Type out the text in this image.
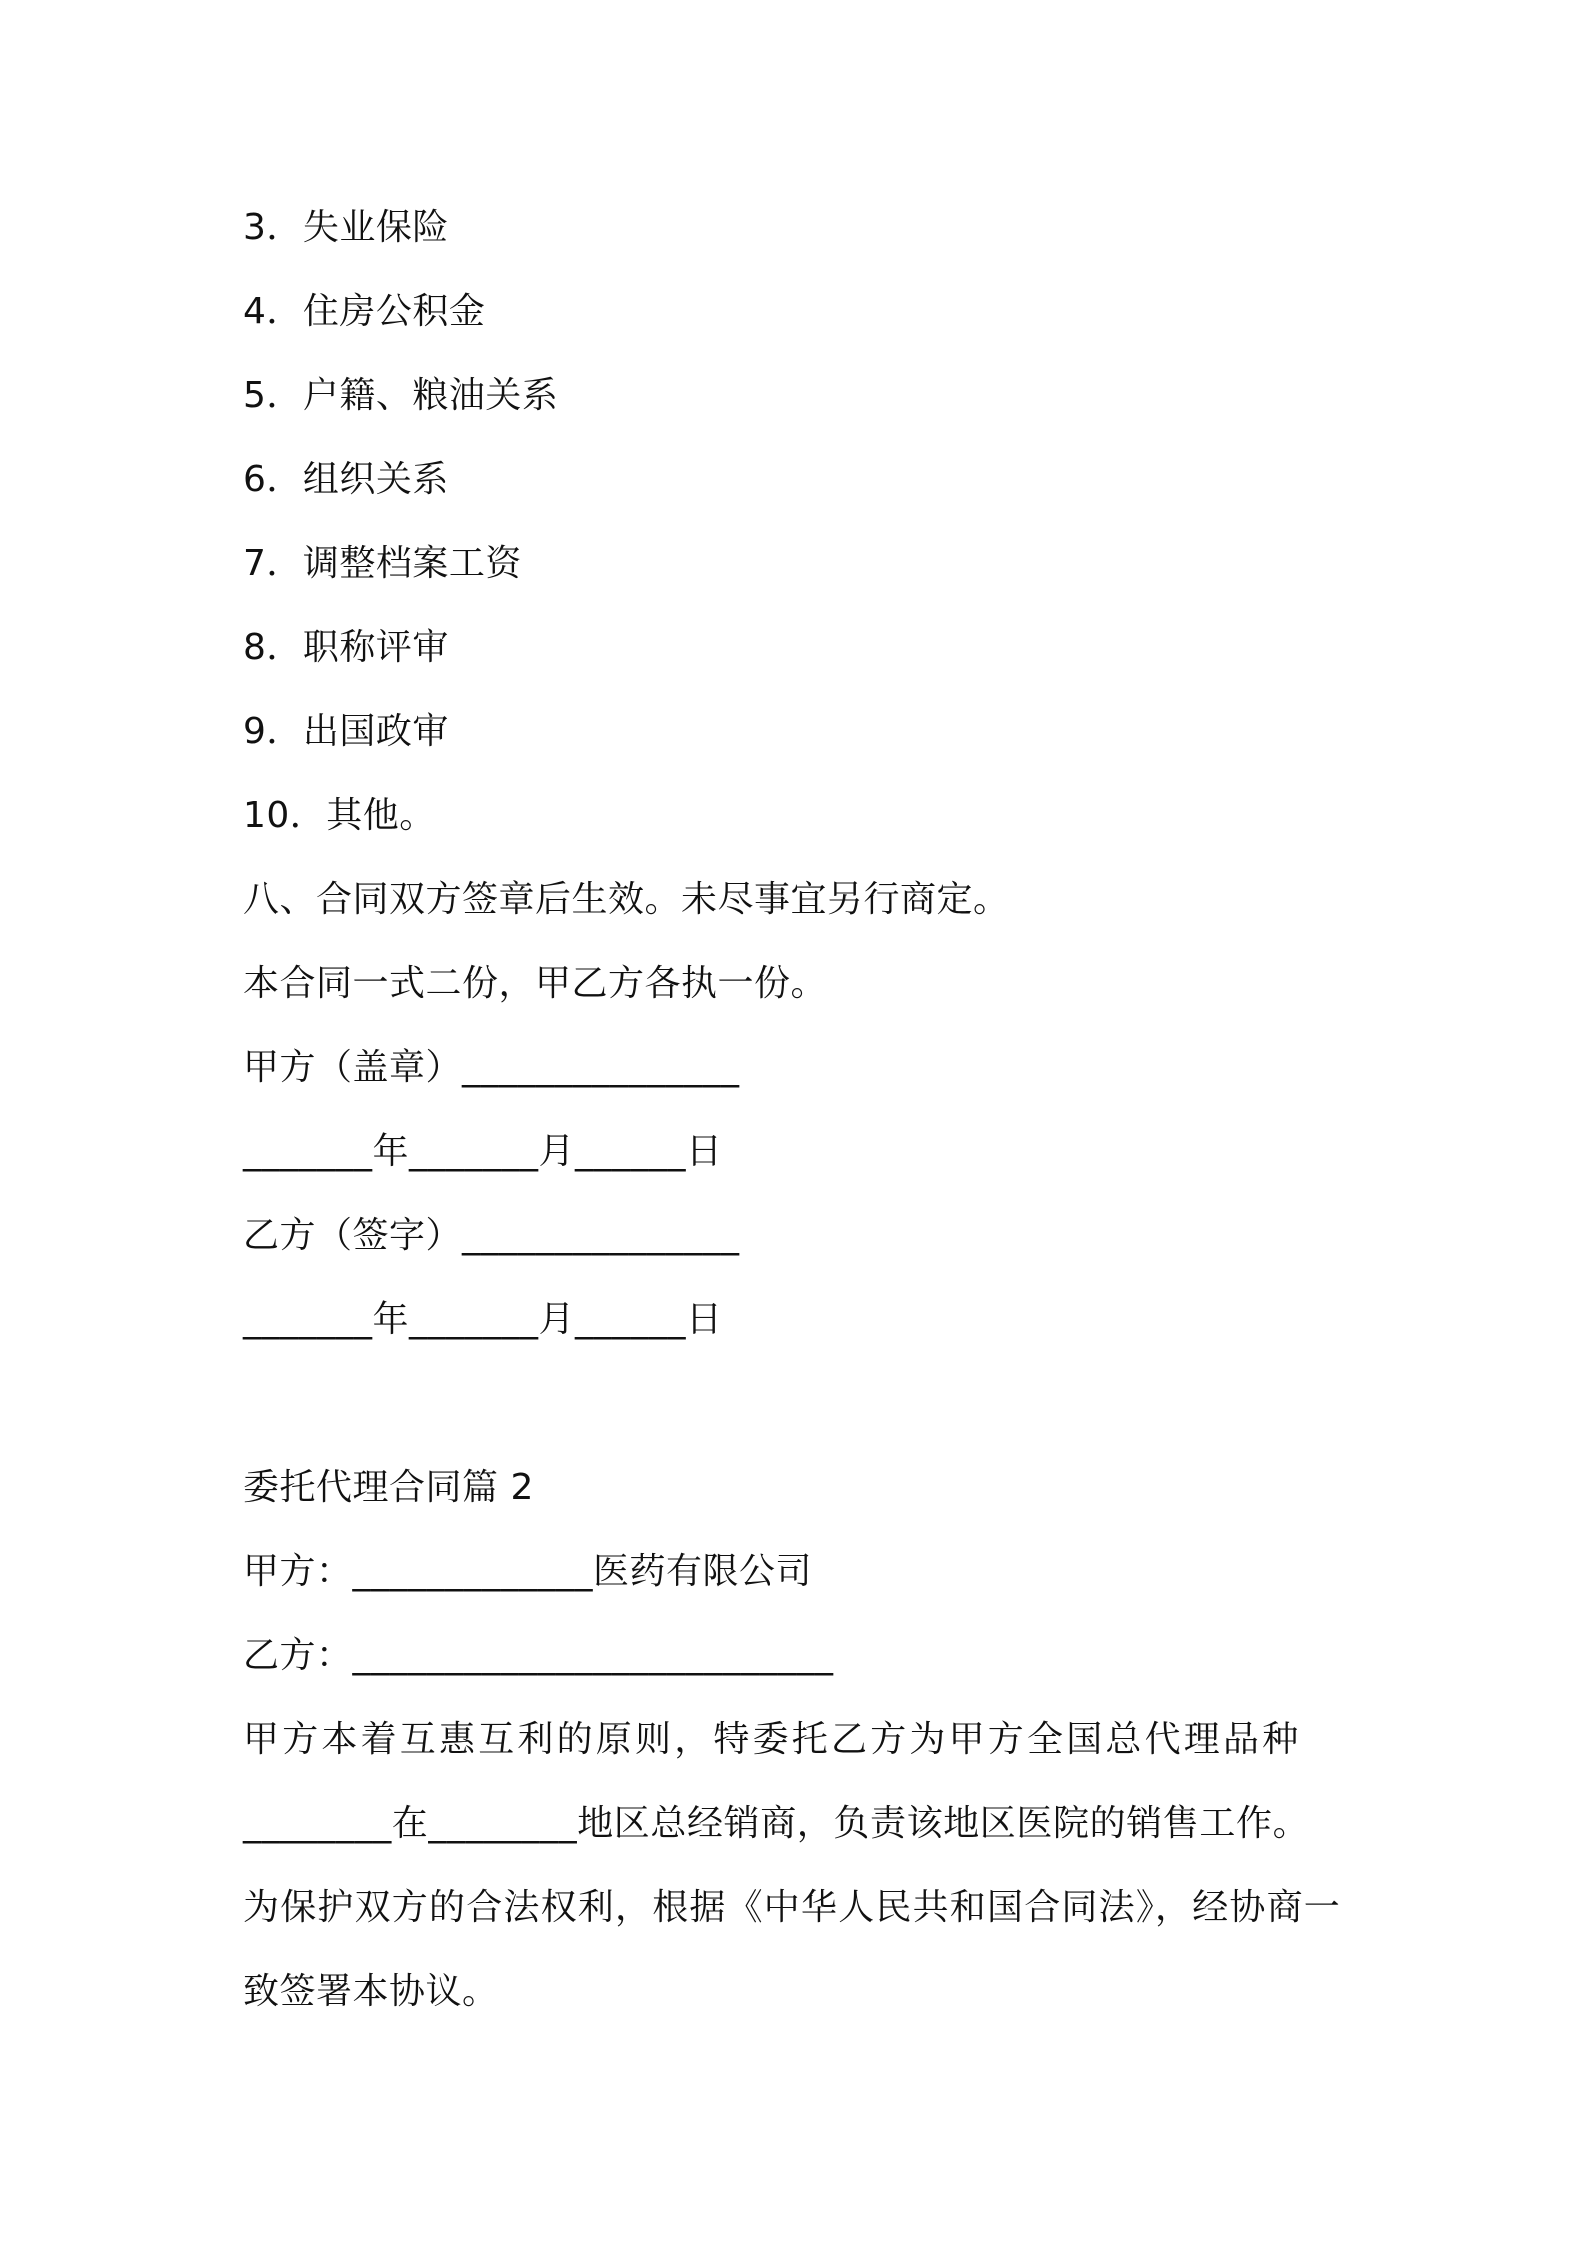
3．失业保险
4．住房公积金
5．户籍、粮油关系
6．组织关系
7．调整档案工资
8．职称评审
9．出国政审
10．其他。
八、合同双方签章后生效。未尽事宜另行商定。
本合同一式二份，甲乙方各执一份。
甲方（盖章）_______________
_______年_______月______日
乙方（签字）_______________
_______年_______月______日
委托代理合同篇 2
甲方：_____________医药有限公司
乙方：__________________________
甲方本着互惠互利的原则，特委托乙方为甲方全国总代理品种
________在________地区总经销商，负责该地区医院的销售工作。
为保护双方的合法权利，根据《中华人民共和国合同法》，经协商一
致签署本协议。
